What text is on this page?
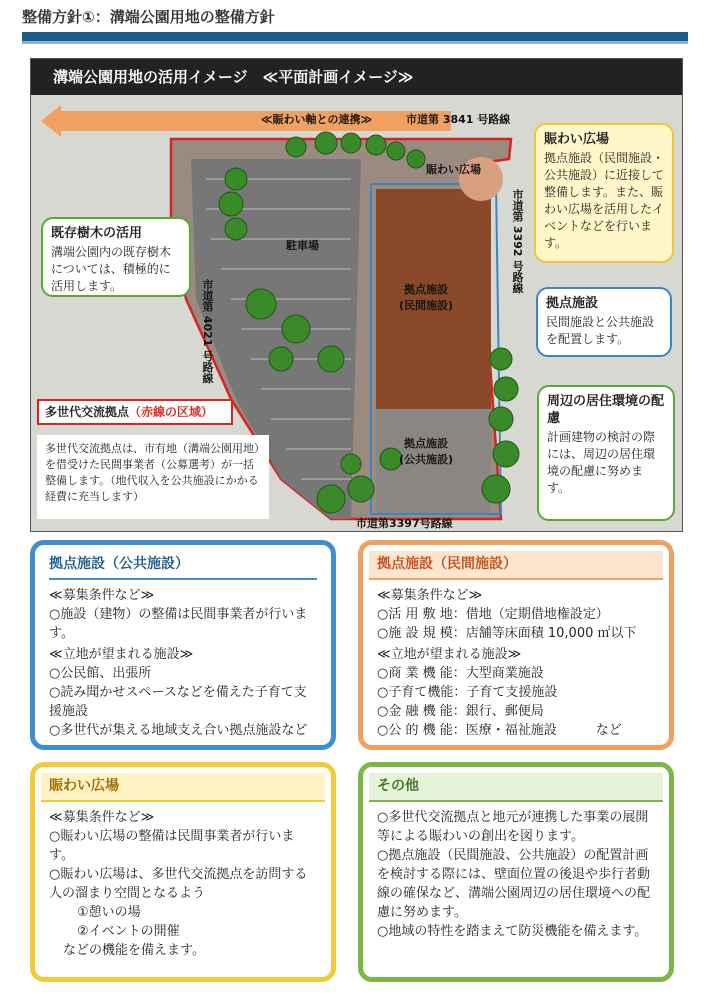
整備方針①：溝端公園用地の整備方針
溝端公園用地の活用イメージ　≪平面計画イメージ≫
≪賑わい軸との連携≫	市道第 3841 号路線
市道第 3392 号路線
市道第 4021 号路線
市道第3397号路線
駐車場
賑わい広場
拠点施設
(民間施設)
拠点施設
(公共施設)
賑わい広場
拠点施設（民間施設・公共施設）に近接して整備します。また、賑わい広場を活用したイベントなどを行います。
既存樹木の活用
溝端公園内の既存樹木については、積極的に活用します。
拠点施設
民間施設と公共施設を配置します。
周辺の居住環境の配慮
計画建物の検討の際には、周辺の居住環境の配慮に努めます。
多世代交流拠点（赤線の区域）
多世代交流拠点は、市有地（溝端公園用地）を借受けた民間事業者（公募選考）が一括整備します。（地代収入を公共施設にかかる経費に充当します）
拠点施設（公共施設）
≪募集条件など≫
○施設（建物）の整備は民間事業者が行います。
≪立地が望まれる施設≫
○公民館、出張所
○読み聞かせスペースなどを備えた子育て支援施設
○多世代が集える地域支え合い拠点施設など
拠点施設（民間施設）
≪募集条件など≫
○活 用 敷 地：借地（定期借地権設定）
○施 設 規 模：店舗等床面積 10,000 ㎡以下
≪立地が望まれる施設≫
○商 業 機 能：大型商業施設
○子育て機能：子育て支援施設
○金 融 機 能：銀行、郵便局
○公 的 機 能：医療・福祉施設　　　など
賑わい広場
≪募集条件など≫
○賑わい広場の整備は民間事業者が行います。
○賑わい広場は、多世代交流拠点を訪問する人の溜まり空間となるよう
①憩いの場
②イベントの開催
などの機能を備えます。
その他
○多世代交流拠点と地元が連携した事業の展開等による賑わいの創出を図ります。
○拠点施設（民間施設、公共施設）の配置計画を検討する際には、壁面位置の後退や歩行者動線の確保など、溝端公園周辺の居住環境への配慮に努めます。
○地域の特性を踏まえて防災機能を備えます。
